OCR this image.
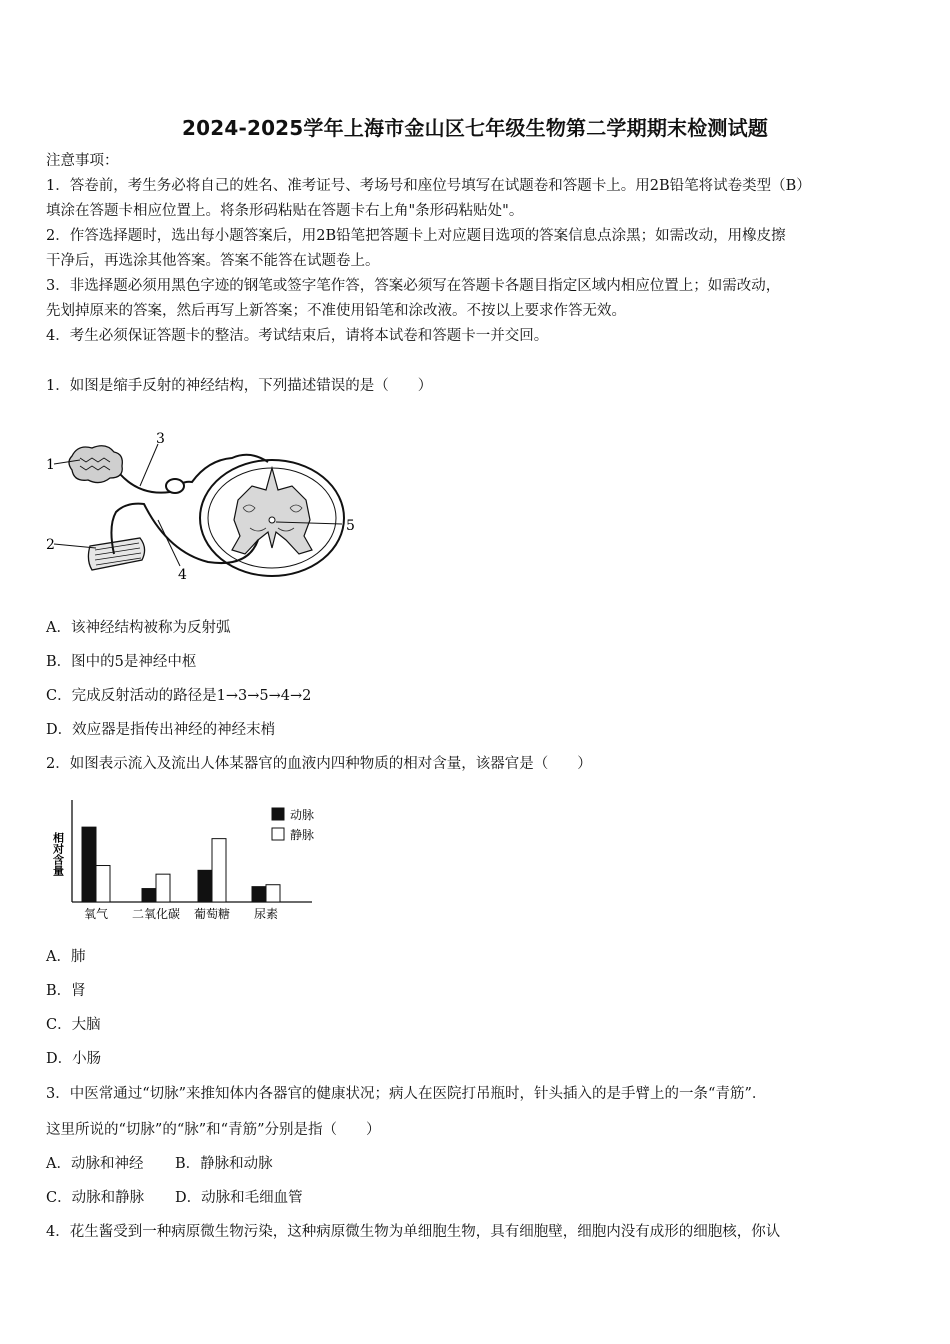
2024-2025学年上海市金山区七年级生物第二学期期末检测试题
注意事项：
1．答卷前，考生务必将自己的姓名、准考证号、考场号和座位号填写在试题卷和答题卡上。用2B铅笔将试卷类型（B）
填涂在答题卡相应位置上。将条形码粘贴在答题卡右上角"条形码粘贴处"。
2．作答选择题时，选出每小题答案后，用2B铅笔把答题卡上对应题目选项的答案信息点涂黑；如需改动，用橡皮擦
干净后，再选涂其他答案。答案不能答在试题卷上。
3．非选择题必须用黑色字迹的钢笔或签字笔作答，答案必须写在答题卡各题目指定区域内相应位置上；如需改动，
先划掉原来的答案，然后再写上新答案；不准使用铅笔和涂改液。不按以上要求作答无效。
4．考生必须保证答题卡的整洁。考试结束后，请将本试卷和答题卡一并交回。
1．如图是缩手反射的神经结构，下列描述错误的是（　　）
1
2
3
4
5
A．该神经结构被称为反射弧
B．图中的5是神经中枢
C．完成反射活动的路径是1→3→5→4→2
D．效应器是指传出神经的神经末梢
2．如图表示流入及流出人体某器官的血液内四种物质的相对含量，该器官是（　　）
相对含量
氧气 二氧化碳 葡萄糖 尿素
动脉
静脉
A．肺
B．肾
C．大脑
D．小肠
3．中医常通过“切脉”来推知体内各器官的健康状况；病人在医院打吊瓶时，针头插入的是手臂上的一条“青筋”．
这里所说的“切脉”的“脉”和“青筋”分别是指（　　）
A．动脉和神经 B．静脉和动脉
C．动脉和静脉 D．动脉和毛细血管
4．花生酱受到一种病原微生物污染，这种病原微生物为单细胞生物，具有细胞壁，细胞内没有成形的细胞核，你认
